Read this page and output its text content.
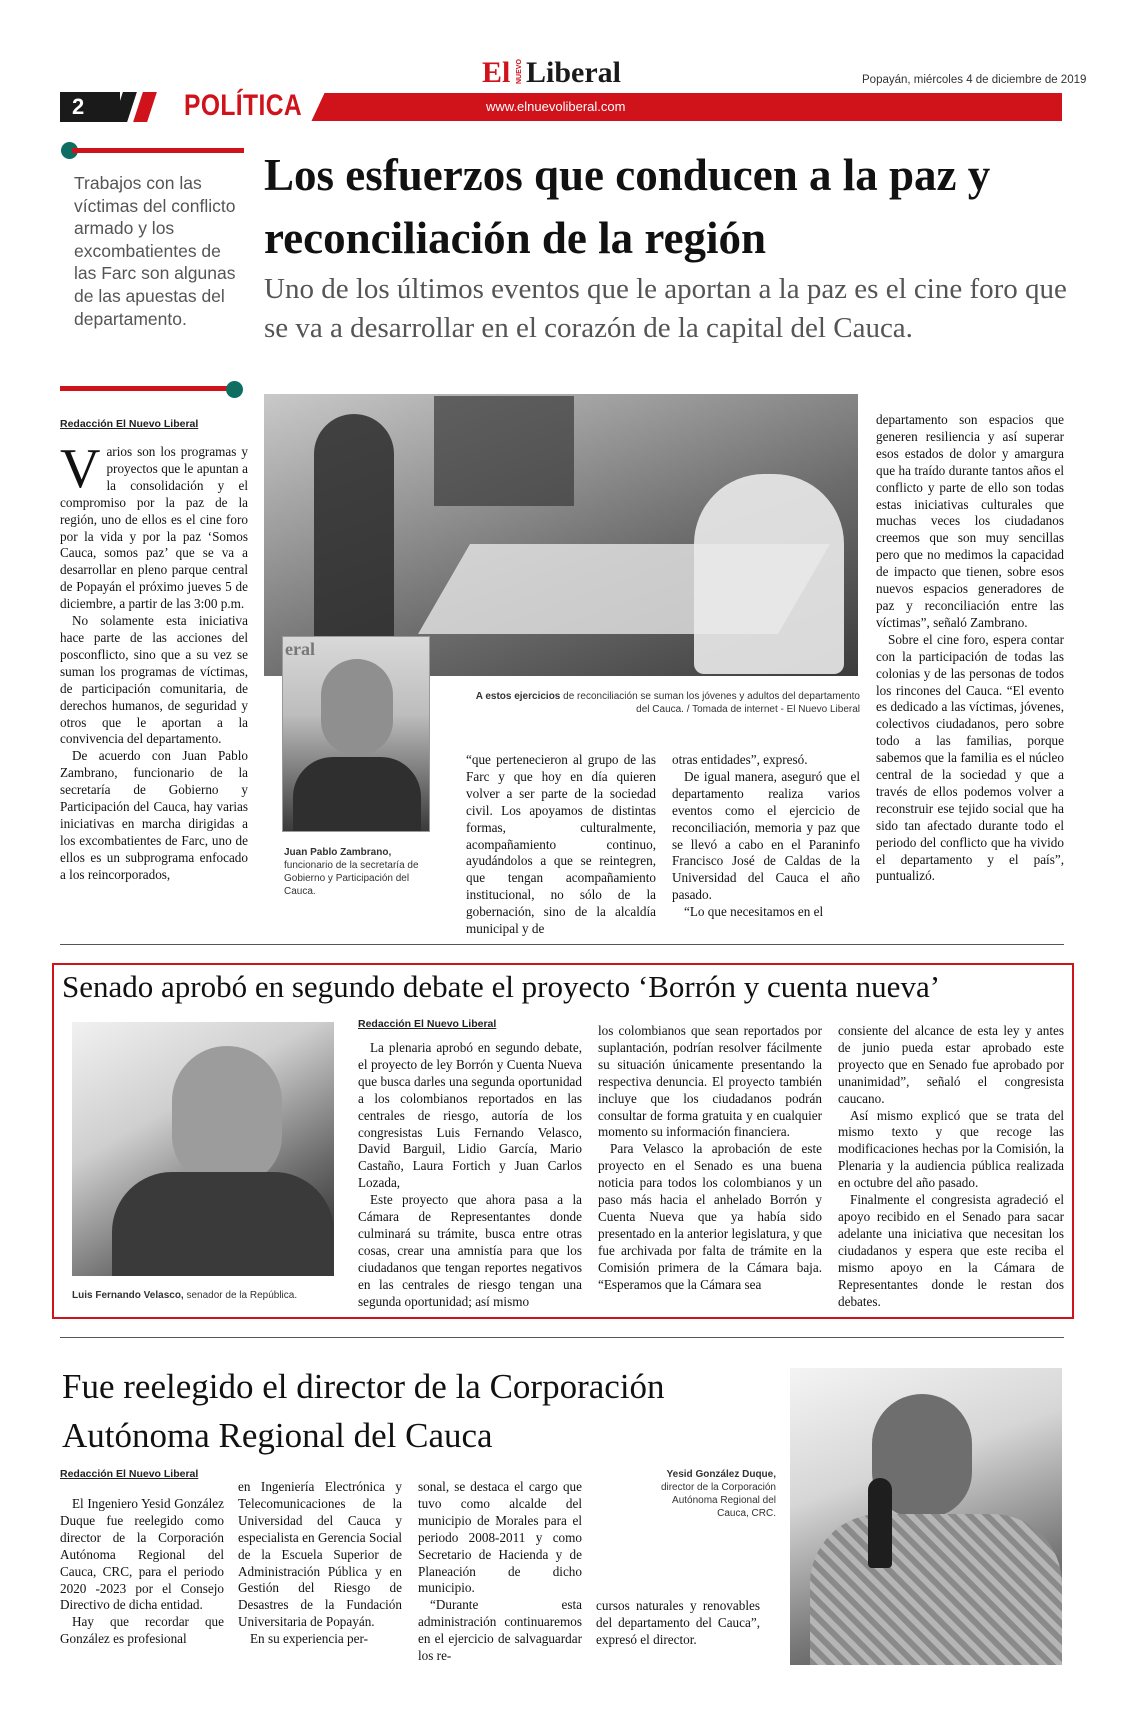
2	POLÍTICA	www.elnuevoliberal.com
El NUEVO Liberal	Popayán, miércoles 4 de diciembre de 2019
Trabajos con las víctimas del conflicto armado y los excombatientes de las Farc son algunas de las apuestas del departamento.
Los esfuerzos que conducen a la paz y reconciliación de la región
Uno de los últimos eventos que le aportan a la paz es el cine foro que se va a desarrollar en el corazón de la capital del Cauca.
Redacción El Nuevo Liberal
V arios son los programas y proyectos que le apuntan a la consolidación y el compromiso por la paz de la región, uno de ellos es el cine foro por la vida y por la paz ‘Somos Cauca, somos paz’ que se va a desarrollar en pleno parque central de Popayán el próximo jueves 5 de diciembre, a partir de las 3:00 p.m.

No solamente esta iniciativa hace parte de las acciones del posconflicto, sino que a su vez se suman los programas de víctimas, de participación comunitaria, de derechos humanos, de seguridad y otros que le aportan a la convivencia del departamento.

De acuerdo con Juan Pablo Zambrano, funcionario de la secretaría de Gobierno y Participación del Cauca, hay varias iniciativas en marcha dirigidas a los excombatientes de Farc, uno de ellos es un subprograma enfocado a los reincorporados,

A estos ejercicios de reconciliación se suman los jóvenes y adultos del departamento del Cauca. / Tomada de internet - El Nuevo Liberal
eral
Juan Pablo Zambrano, funcionario de la secretaría de Gobierno y Participación del Cauca.

“que pertenecieron al grupo de las Farc y que hoy en día quieren volver a ser parte de la sociedad civil. Los apoyamos de distintas formas, culturalmente, acompañamiento continuo, ayudándolos a que se reintegren, que tengan acompañamiento institucional, no sólo de la gobernación, sino de la alcaldía municipal y de

otras entidades”, expresó.

De igual manera, aseguró que el departamento realiza varios eventos como el ejercicio de reconciliación, memoria y paz que se llevó a cabo en el Paraninfo Francisco José de Caldas de la Universidad del Cauca el año pasado.

“Lo que necesitamos en el

departamento son espacios que generen resiliencia y así superar esos estados de dolor y amargura que ha traído durante tantos años el conflicto y parte de ello son todas estas iniciativas culturales que muchas veces los ciudadanos creemos que son muy sencillas pero que no medimos la capacidad de impacto que tienen, sobre esos nuevos espacios generadores de paz y reconciliación entre las víctimas”, señaló Zambrano.

Sobre el cine foro, espera contar con la participación de todas las colonias y de las personas de todos los rincones del Cauca. “El evento es dedicado a las víctimas, jóvenes, colectivos ciudadanos, pero sobre todo a las familias, porque sabemos que la familia es el núcleo central de la sociedad y que a través de ellos podemos volver a reconstruir ese tejido social que ha sido tan afectado durante todo el periodo del conflicto que ha vivido el departamento y el país”, puntualizó.

Senado aprobó en segundo debate el proyecto ‘Borrón y cuenta nueva’
Luis Fernando Velasco, senador de la República.
Redacción El Nuevo Liberal

La plenaria aprobó en segundo debate, el proyecto de ley Borrón y Cuenta Nueva que busca darles una segunda oportunidad a los colombianos reportados en las centrales de riesgo, autoría de los congresistas Luis Fernando Velasco, David Barguil, Lidio García, Mario Castaño, Laura Fortich y Juan Carlos Lozada,

Este proyecto que ahora pasa a la Cámara de Representantes donde culminará su trámite, busca entre otras cosas, crear una amnistía para que los ciudadanos que tengan reportes negativos en las centrales de riesgo tengan una segunda oportunidad; así mismo

los colombianos que sean reportados por suplantación, podrían resolver fácilmente su situación únicamente presentando la respectiva denuncia. El proyecto también incluye que los ciudadanos podrán consultar de forma gratuita y en cualquier momento su información financiera.

Para Velasco la aprobación de este proyecto en el Senado es una buena noticia para todos los colombianos y un paso más hacia el anhelado Borrón y Cuenta Nueva que ya había sido presentado en la anterior legislatura, y que fue archivada por falta de trámite en la Comisión primera de la Cámara baja. “Esperamos que la Cámara sea

consiente del alcance de esta ley y antes de junio pueda estar aprobado este proyecto que en Senado fue aprobado por unanimidad”, señaló el congresista caucano.

Así mismo explicó que se trata del mismo texto y que recoge las modificaciones hechas por la Comisión, la Plenaria y la audiencia pública realizada en octubre del año pasado.

Finalmente el congresista agradeció el apoyo recibido en el Senado para sacar adelante una iniciativa que necesitan los ciudadanos y espera que este reciba el mismo apoyo en la Cámara de Representantes donde le restan dos debates.

Fue reelegido el director de la Corporación Autónoma Regional del Cauca
Redacción El Nuevo Liberal

El Ingeniero Yesid González Duque fue reelegido como director de la Corporación Autónoma Regional del Cauca, CRC, para el periodo 2020 -2023 por el Consejo Directivo de dicha entidad.

Hay que recordar que González es profesional

en Ingeniería Electrónica y Telecomunicaciones de la Universidad del Cauca y especialista en Gerencia Social de la Escuela Superior de Administración Pública y en Gestión del Riesgo de Desastres de la Fundación Universitaria de Popayán.

En su experiencia per-

sonal, se destaca el cargo que tuvo como alcalde del municipio de Morales para el periodo 2008-2011 y como Secretario de Hacienda y de Planeación de dicho municipio.

“Durante esta administración continuaremos en el ejercicio de salvaguardar los re-

cursos naturales y renovables del departamento del Cauca”, expresó el director.

Yesid González Duque, director de la Corporación Autónoma Regional del Cauca, CRC.
